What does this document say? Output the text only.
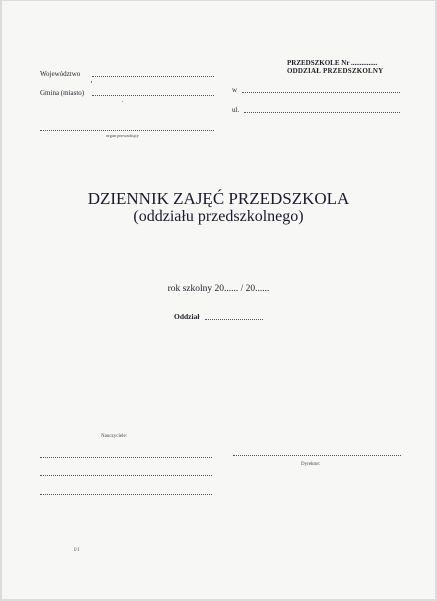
Województwo
Gmina (miasto)
organ prowadzący
PRZEDSZKOLE Nr ...............
ODDZIAŁ PRZEDSZKOLNY
w
ul.
DZIENNIK ZAJĘĆ PRZEDSZKOLA
(oddziału przedszkolnego)
rok szkolny 20...... / 20......
Oddział
Nauczyciele:
Dyrektor:
I/1
